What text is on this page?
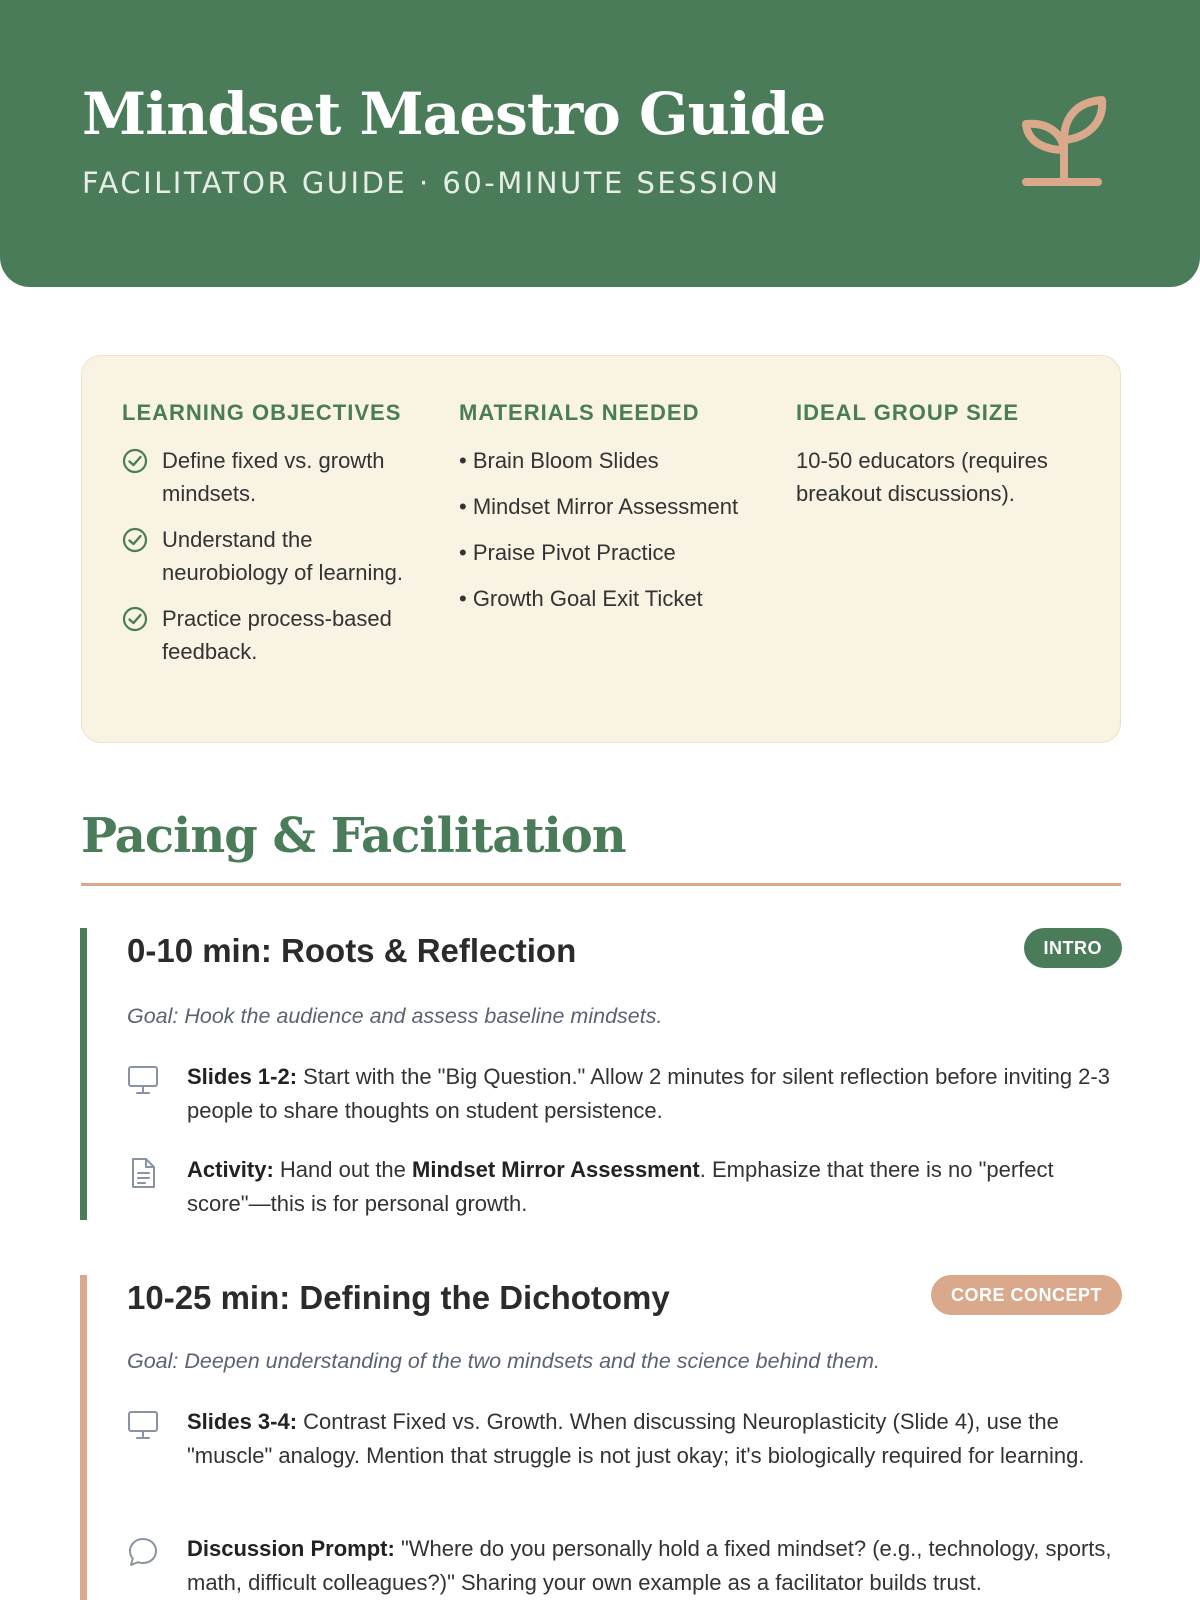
Mindset Maestro Guide
FACILITATOR GUIDE · 60-MINUTE SESSION
LEARNING OBJECTIVES
Define fixed vs. growth mindsets.
Understand the neurobiology of learning.
Practice process-based feedback.
MATERIALS NEEDED
• Brain Bloom Slides
• Mindset Mirror Assessment
• Praise Pivot Practice
• Growth Goal Exit Ticket
IDEAL GROUP SIZE
10-50 educators (requires breakout discussions).
Pacing & Facilitation
0-10 min: Roots & Reflection	INTRO
Goal: Hook the audience and assess baseline mindsets.
Slides 1-2: Start with the "Big Question." Allow 2 minutes for silent reflection before inviting 2-3 people to share thoughts on student persistence.
Activity: Hand out the Mindset Mirror Assessment. Emphasize that there is no "perfect score"—this is for personal growth.
10-25 min: Defining the Dichotomy	CORE CONCEPT
Goal: Deepen understanding of the two mindsets and the science behind them.
Slides 3-4: Contrast Fixed vs. Growth. When discussing Neuroplasticity (Slide 4), use the "muscle" analogy. Mention that struggle is not just okay; it's biologically required for learning.
Discussion Prompt: "Where do you personally hold a fixed mindset? (e.g., technology, sports, math, difficult colleagues?)" Sharing your own example as a facilitator builds trust.
